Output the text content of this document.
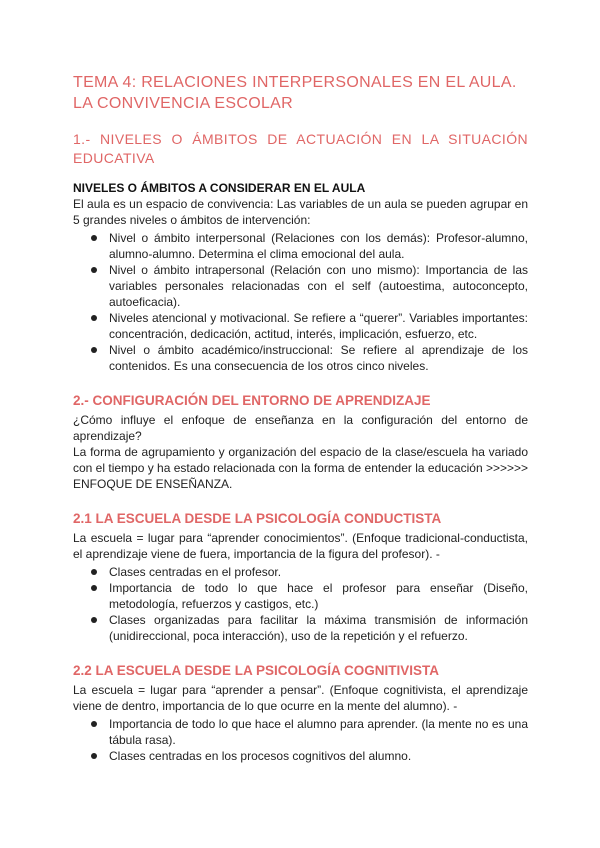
TEMA 4: RELACIONES INTERPERSONALES EN EL AULA. LA CONVIVENCIA ESCOLAR
1.- NIVELES O ÁMBITOS DE ACTUACIÓN EN LA SITUACIÓN EDUCATIVA
NIVELES O ÁMBITOS A CONSIDERAR EN EL AULA

El aula es un espacio de convivencia: Las variables de un aula se pueden agrupar en 5 grandes niveles o ámbitos de intervención:

Nivel o ámbito interpersonal (Relaciones con los demás): Profesor-alumno, alumno-alumno. Determina el clima emocional del aula.
Nivel o ámbito intrapersonal (Relación con uno mismo): Importancia de las variables personales relacionadas con el self (autoestima, autoconcepto, autoeficacia).
Niveles atencional y motivacional. Se refiere a “querer”. Variables importantes: concentración, dedicación, actitud, interés, implicación, esfuerzo, etc.
Nivel o ámbito académico/instruccional: Se refiere al aprendizaje de los contenidos. Es una consecuencia de los otros cinco niveles.
2.- CONFIGURACIÓN DEL ENTORNO DE APRENDIZAJE

¿Cómo influye el enfoque de enseñanza en la configuración del entorno de aprendizaje?

La forma de agrupamiento y organización del espacio de la clase/escuela ha variado con el tiempo y ha estado relacionada con la forma de entender la educación >>>>>> ENFOQUE DE ENSEÑANZA.

2.1 LA ESCUELA DESDE LA PSICOLOGÍA CONDUCTISTA

La escuela = lugar para “aprender conocimientos”. (Enfoque tradicional-conductista, el aprendizaje viene de fuera, importancia de la figura del profesor). -

Clases centradas en el profesor.
Importancia de todo lo que hace el profesor para enseñar (Diseño, metodología, refuerzos y castigos, etc.)
Clases organizadas para facilitar la máxima transmisión de información (unidireccional, poca interacción), uso de la repetición y el refuerzo.
2.2 LA ESCUELA DESDE LA PSICOLOGÍA COGNITIVISTA

La escuela = lugar para “aprender a pensar”. (Enfoque cognitivista, el aprendizaje viene de dentro, importancia de lo que ocurre en la mente del alumno). -

Importancia de todo lo que hace el alumno para aprender. (la mente no es una tábula rasa).
Clases centradas en los procesos cognitivos del alumno.
